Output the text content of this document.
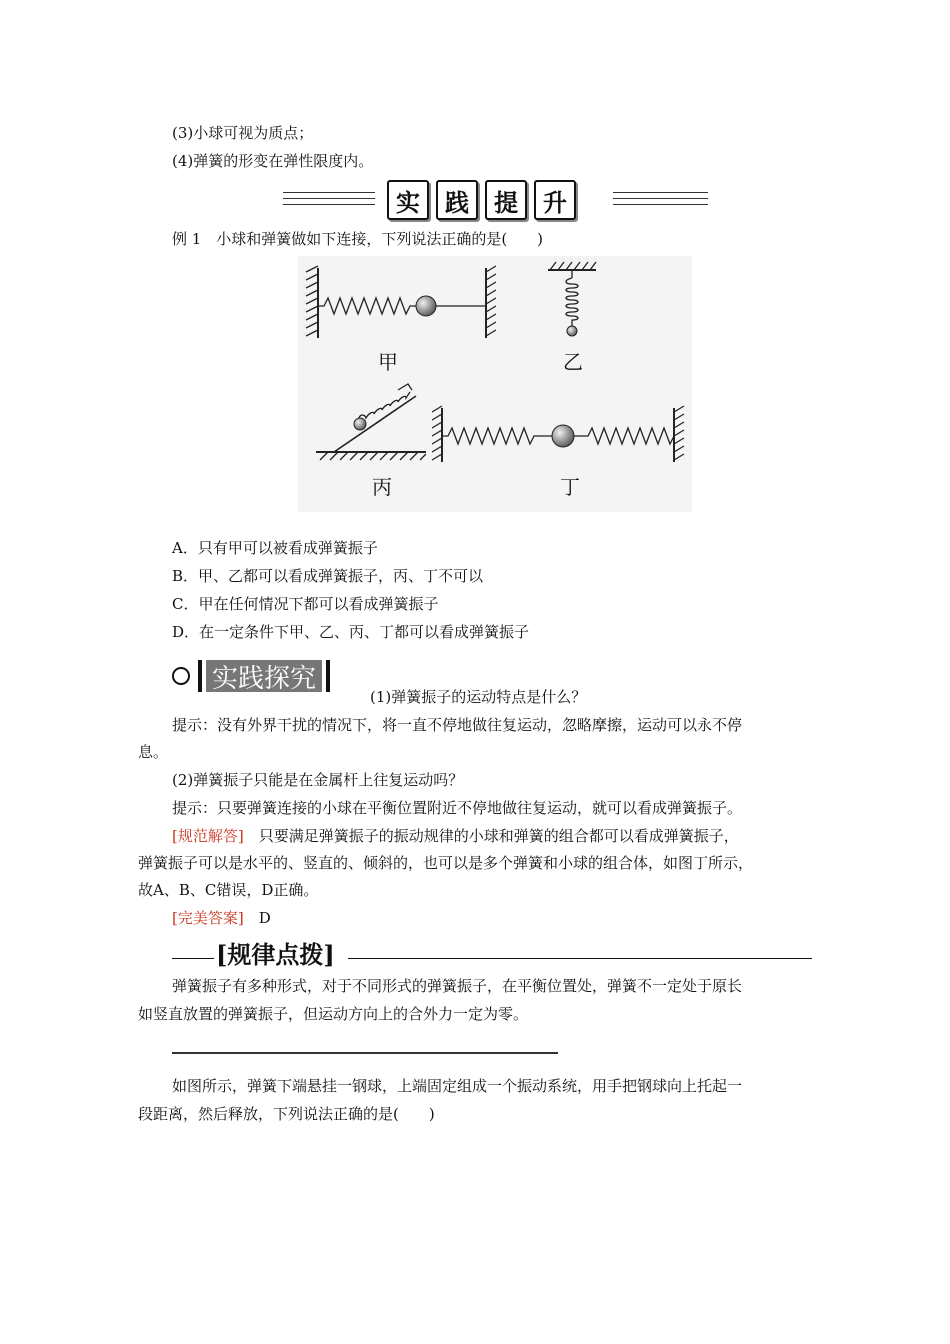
(3)小球可视为质点；
(4)弹簧的形变在弹性限度内。
实	践	提	升
例 1　小球和弹簧做如下连接，下列说法正确的是(　　)
甲	乙
丙	丁
A．只有甲可以被看成弹簧振子
B．甲、乙都可以看成弹簧振子，丙、丁不可以
C．甲在任何情况下都可以看成弹簧振子
D．在一定条件下甲、乙、丙、丁都可以看成弹簧振子
实践探究
(1)弹簧振子的运动特点是什么？
提示：没有外界干扰的情况下，将一直不停地做往复运动，忽略摩擦，运动可以永不停
息。
(2)弹簧振子只能是在金属杆上往复运动吗？
提示：只要弹簧连接的小球在平衡位置附近不停地做往复运动，就可以看成弹簧振子。
[规范解答]　只要满足弹簧振子的振动规律的小球和弹簧的组合都可以看成弹簧振子，
弹簧振子可以是水平的、竖直的、倾斜的，也可以是多个弹簧和小球的组合体，如图丁所示，
故A、B、C错误，D正确。
[完美答案]　D
[规律点拨]
弹簧振子有多种形式，对于不同形式的弹簧振子，在平衡位置处，弹簧不一定处于原长
如竖直放置的弹簧振子，但运动方向上的合外力一定为零。
如图所示，弹簧下端悬挂一钢球，上端固定组成一个振动系统，用手把钢球向上托起一
段距离，然后释放，下列说法正确的是(　　)
